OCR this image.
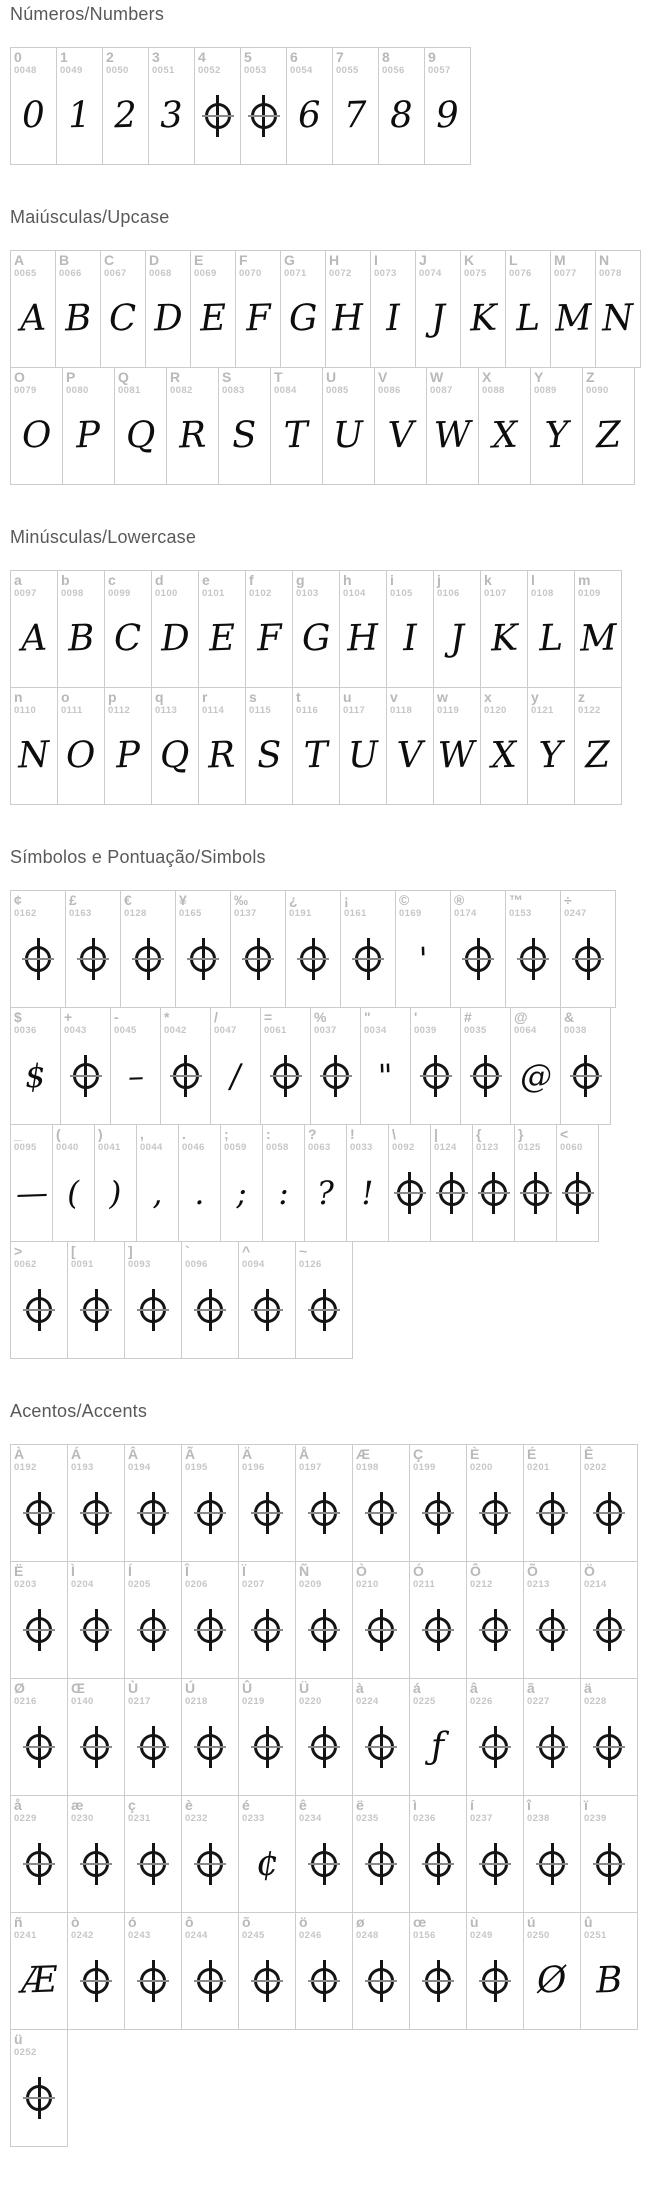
Números/Numbers
0
0048
0
1
0049
1
2
0050
2
3
0051
3
4
0052
5
0053
6
0054
6
7
0055
7
8
0056
8
9
0057
9
Maiúsculas/Upcase
A
0065
A
B
0066
B
C
0067
C
D
0068
D
E
0069
E
F
0070
F
G
0071
G
H
0072
H
I
0073
I
J
0074
J
K
0075
K
L
0076
L
M
0077
M
N
0078
N
O
0079
O
P
0080
P
Q
0081
Q
R
0082
R
S
0083
S
T
0084
T
U
0085
U
V
0086
V
W
0087
W
X
0088
X
Y
0089
Y
Z
0090
Z
Minúsculas/Lowercase
a
0097
A
b
0098
B
c
0099
C
d
0100
D
e
0101
E
f
0102
F
g
0103
G
h
0104
H
i
0105
I
j
0106
J
k
0107
K
l
0108
L
m
0109
M
n
0110
N
o
0111
O
p
0112
P
q
0113
Q
r
0114
R
s
0115
S
t
0116
T
u
0117
U
v
0118
V
w
0119
W
x
0120
X
y
0121
Y
z
0122
Z
Símbolos e Pontuação/Simbols
¢
0162
£
0163
€
0128
¥
0165
‰
0137
¿
0191
¡
0161
©
0169
'
®
0174
™
0153
÷
0247
$
0036
$
+
0043
-
0045
–
*
0042
/
0047
/
=
0061
%
0037
"
0034
"
'
0039
#
0035
@
0064
@
&
0038
_
0095
—
(
0040
(
)
0041
)
,
0044
,
.
0046
.
;
0059
;
:
0058
:
?
0063
?
!
0033
!
\
0092
|
0124
{
0123
}
0125
<
0060
>
0062
[
0091
]
0093
`
0096
^
0094
~
0126
Acentos/Accents
À
0192
Á
0193
Â
0194
Ã
0195
Ä
0196
Å
0197
Æ
0198
Ç
0199
È
0200
É
0201
Ê
0202
Ë
0203
Ì
0204
Í
0205
Î
0206
Ï
0207
Ñ
0209
Ò
0210
Ó
0211
Ô
0212
Õ
0213
Ö
0214
Ø
0216
Œ
0140
Ù
0217
Ú
0218
Û
0219
Ü
0220
à
0224
á
0225
ƒ
â
0226
ã
0227
ä
0228
å
0229
æ
0230
ç
0231
è
0232
é
0233
¢
ê
0234
ë
0235
ì
0236
í
0237
î
0238
ï
0239
ñ
0241
Æ
ò
0242
ó
0243
ô
0244
õ
0245
ö
0246
ø
0248
œ
0156
ù
0249
ú
0250
Ø
û
0251
B
ü
0252
